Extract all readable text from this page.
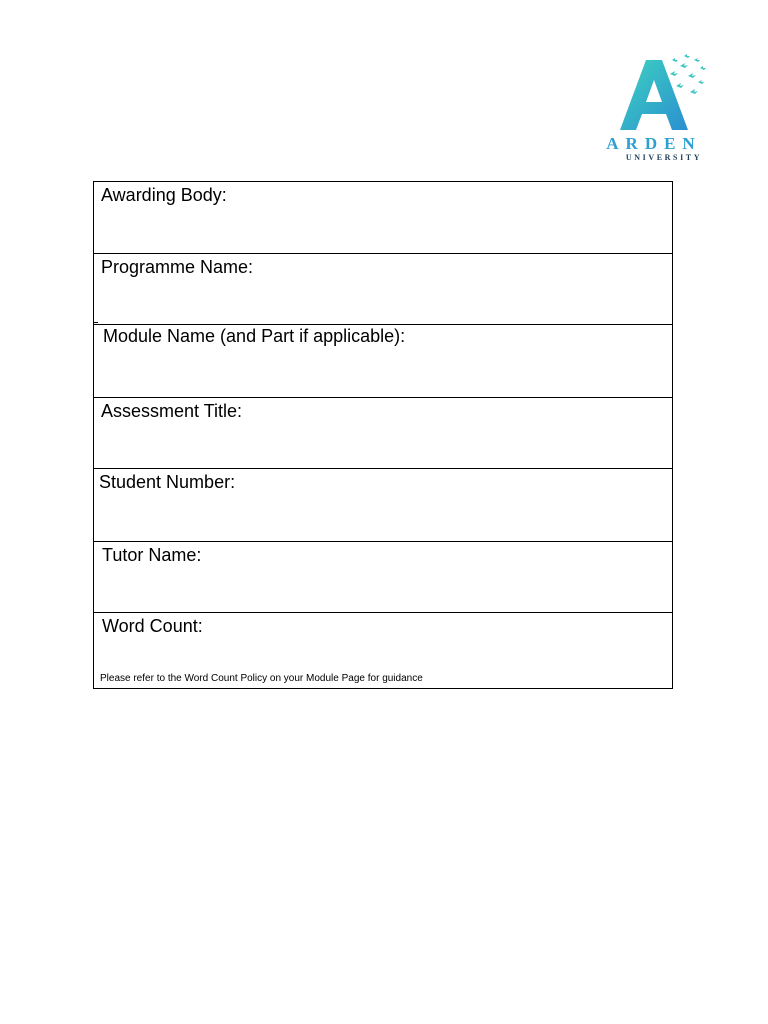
ARDEN
UNIVERSITY
Awarding Body:
Programme Name:
Module Name (and Part if applicable):
Assessment Title:
Student Number:
Tutor Name:
Word Count:
Please refer to the Word Count Policy on your Module Page for guidance
